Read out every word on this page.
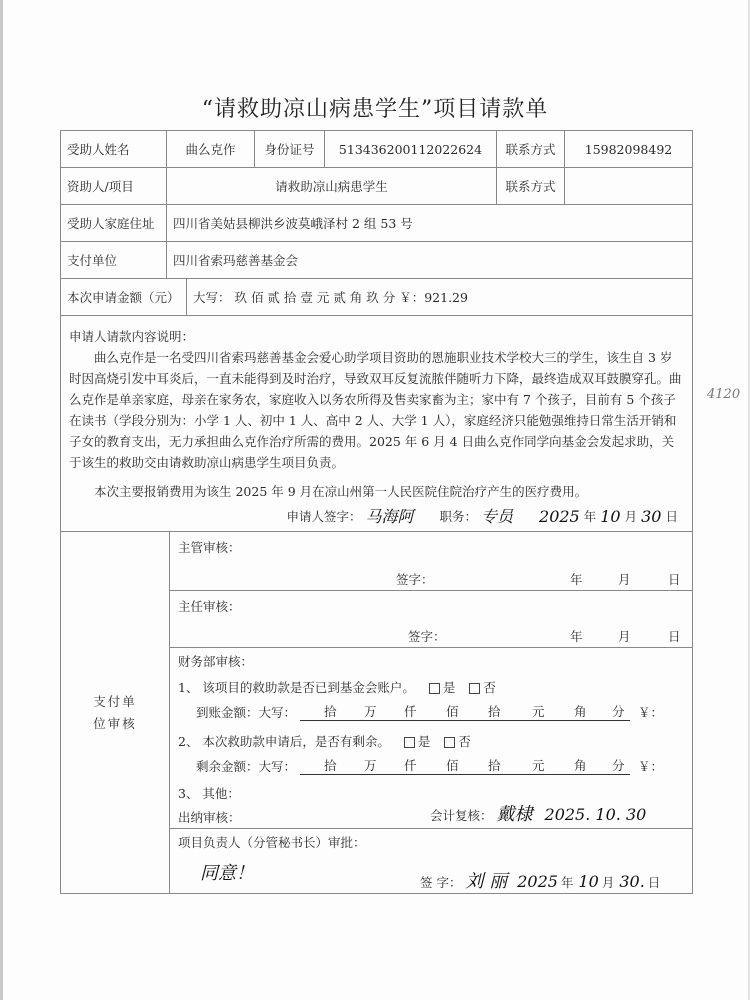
“请救助凉山病患学生”项目请款单
4120
受助人姓名	曲么克作	身份证号	513436200112022624	联系方式	15982098492
资助人/项目	请救助凉山病患学生	联系方式
受助人家庭住址	四川省美姑县柳洪乡波莫峨泽村 2 组 53 号
支付单位	四川省索玛慈善基金会
本次申请金额（元）	大写： 玖 佰 贰 拾 壹 元 贰 角 玖 分 ￥：921.29

申请人请款内容说明：

曲么克作是一名受四川省索玛慈善基金会爱心助学项目资助的恩施职业技术学校大三的学生，该生自 3 岁时因高烧引发中耳炎后，一直未能得到及时治疗，导致双耳反复流脓伴随听力下降，最终造成双耳鼓膜穿孔。曲么克作是单亲家庭，母亲在家务农，家庭收入以务农所得及售卖家畜为主；家中有 7 个孩子，目前有 5 个孩子在读书（学段分别为：小学 1 人、初中 1 人、高中 2 人、大学 1 人），家庭经济只能勉强维持日常生活开销和子女的教育支出，无力承担曲么克作治疗所需的费用。2025 年 6 月 4 日曲么克作同学向基金会发起求助，关于该生的救助交由请救助凉山病患学生项目负责。

本次主要报销费用为该生 2025 年 9 月在凉山州第一人民医院住院治疗产生的医疗费用。

申请人签字： 马海阿 职务： 专员 2025 年 10 月 30 日
支付单位审核
主管审核：
签字：	年	月	日
主任审核：
签字：	年	月	日
财务部审核：
1、 该项目的救助款是否已到基金会账户。 是 否
到账金额：大写： 拾 万 仟 佰 拾	元 角 分 ￥：
2、 本次救助款申请后，是否有剩余。 是 否
剩余金额：大写： 拾 万 仟 佰 拾	元 角 分 ￥：
3、 其他：
出纳审核：	会计复核： 戴棣 2025. 10. 30
项目负责人（分管秘书长）审批：
同意！	签 字： 刘 丽 2025 年 10 月 30. 日
